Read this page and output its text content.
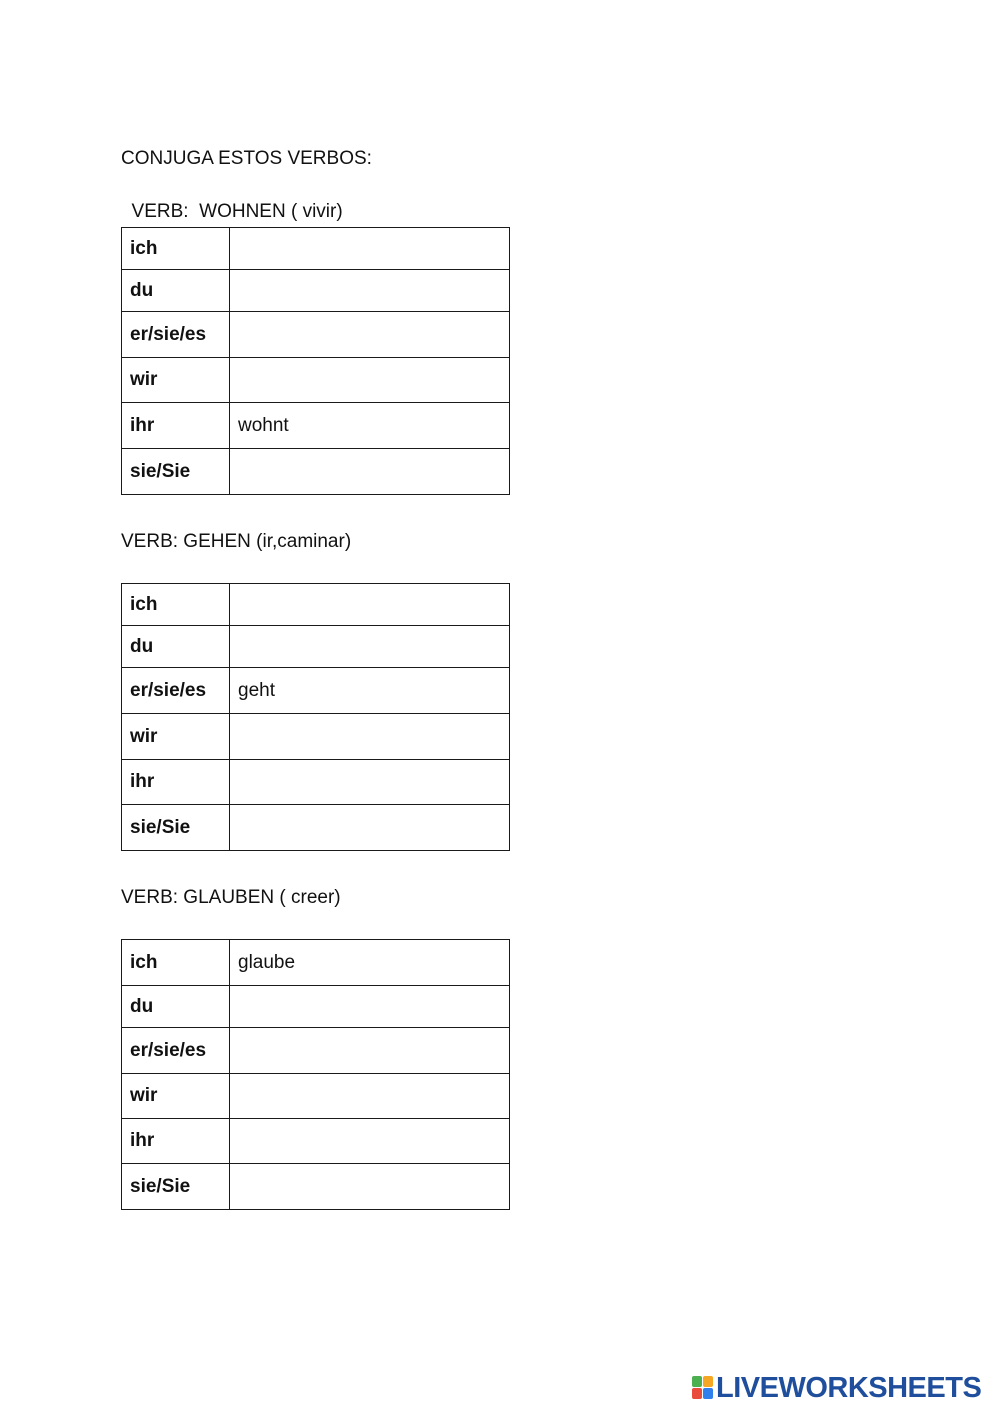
CONJUGA ESTOS VERBOS:
VERB:  WOHNEN ( vivir)
ich	
du	
er/sie/es	
wir	
ihr	wohnt
sie/Sie	
VERB: GEHEN (ir,caminar)
ich	
du	
er/sie/es	geht
wir	
ihr	
sie/Sie	
VERB: GLAUBEN ( creer)
ich	glaube
du	
er/sie/es	
wir	
ihr	
sie/Sie	
LIVEWORKSHEETS
